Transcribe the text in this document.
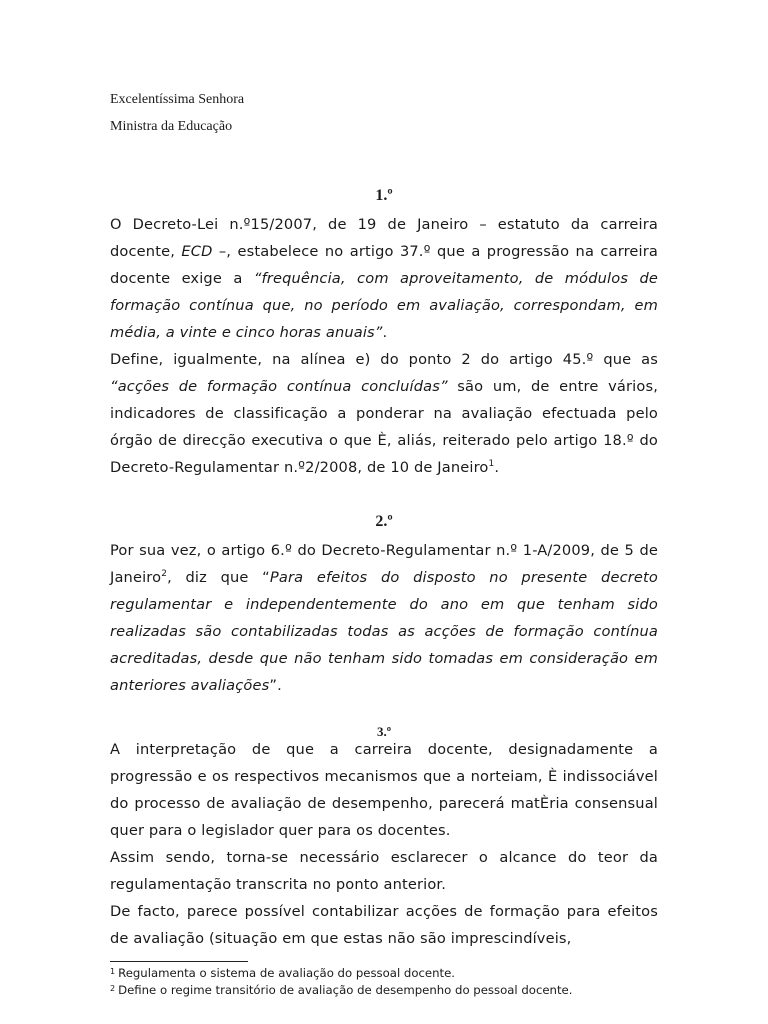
Excelentíssima Senhora
Ministra da Educação
1.º

O Decreto-Lei n.º15/2007, de 19 de Janeiro – estatuto da carreira docente, ECD –, estabelece no artigo 37.º que a progressão na carreira docente exige a “frequência, com aproveitamento, de módulos de formação contínua que, no período em avaliação, correspondam, em média, a vinte e cinco horas anuais”.

Define, igualmente, na alínea e) do ponto 2 do artigo 45.º que as “acções de formação contínua concluídas” são um, de entre vários, indicadores de classificação a ponderar na avaliação efectuada pelo órgão de direcção executiva o que È, aliás, reiterado pelo artigo 18.º do Decreto-Regulamentar n.º2/2008, de 10 de Janeiro$^1$.

2.º

Por sua vez, o artigo 6.º do Decreto-Regulamentar n.º 1-A/2009, de 5 de Janeiro$^2$, diz que “Para efeitos do disposto no presente decreto regulamentar e independentemente do ano em que tenham sido realizadas são contabilizadas todas as acções de formação contínua acreditadas, desde que não tenham sido tomadas em consideração em anteriores avaliações”.

3.º

A interpretação de que a carreira docente, designadamente a progressão e os respectivos mecanismos que a norteiam, È indissociável do processo de avaliação de desempenho, parecerá matÈria consensual quer para o legislador quer para os docentes.

Assim sendo, torna-se necessário esclarecer o alcance do teor da regulamentação transcrita no ponto anterior.

De facto, parece possível contabilizar acções de formação para efeitos de avaliação (situação em que estas não são imprescindíveis,

$^1$ Regulamenta o sistema de avaliação do pessoal docente.
$^2$ Define o regime transitório de avaliação de desempenho do pessoal docente.
